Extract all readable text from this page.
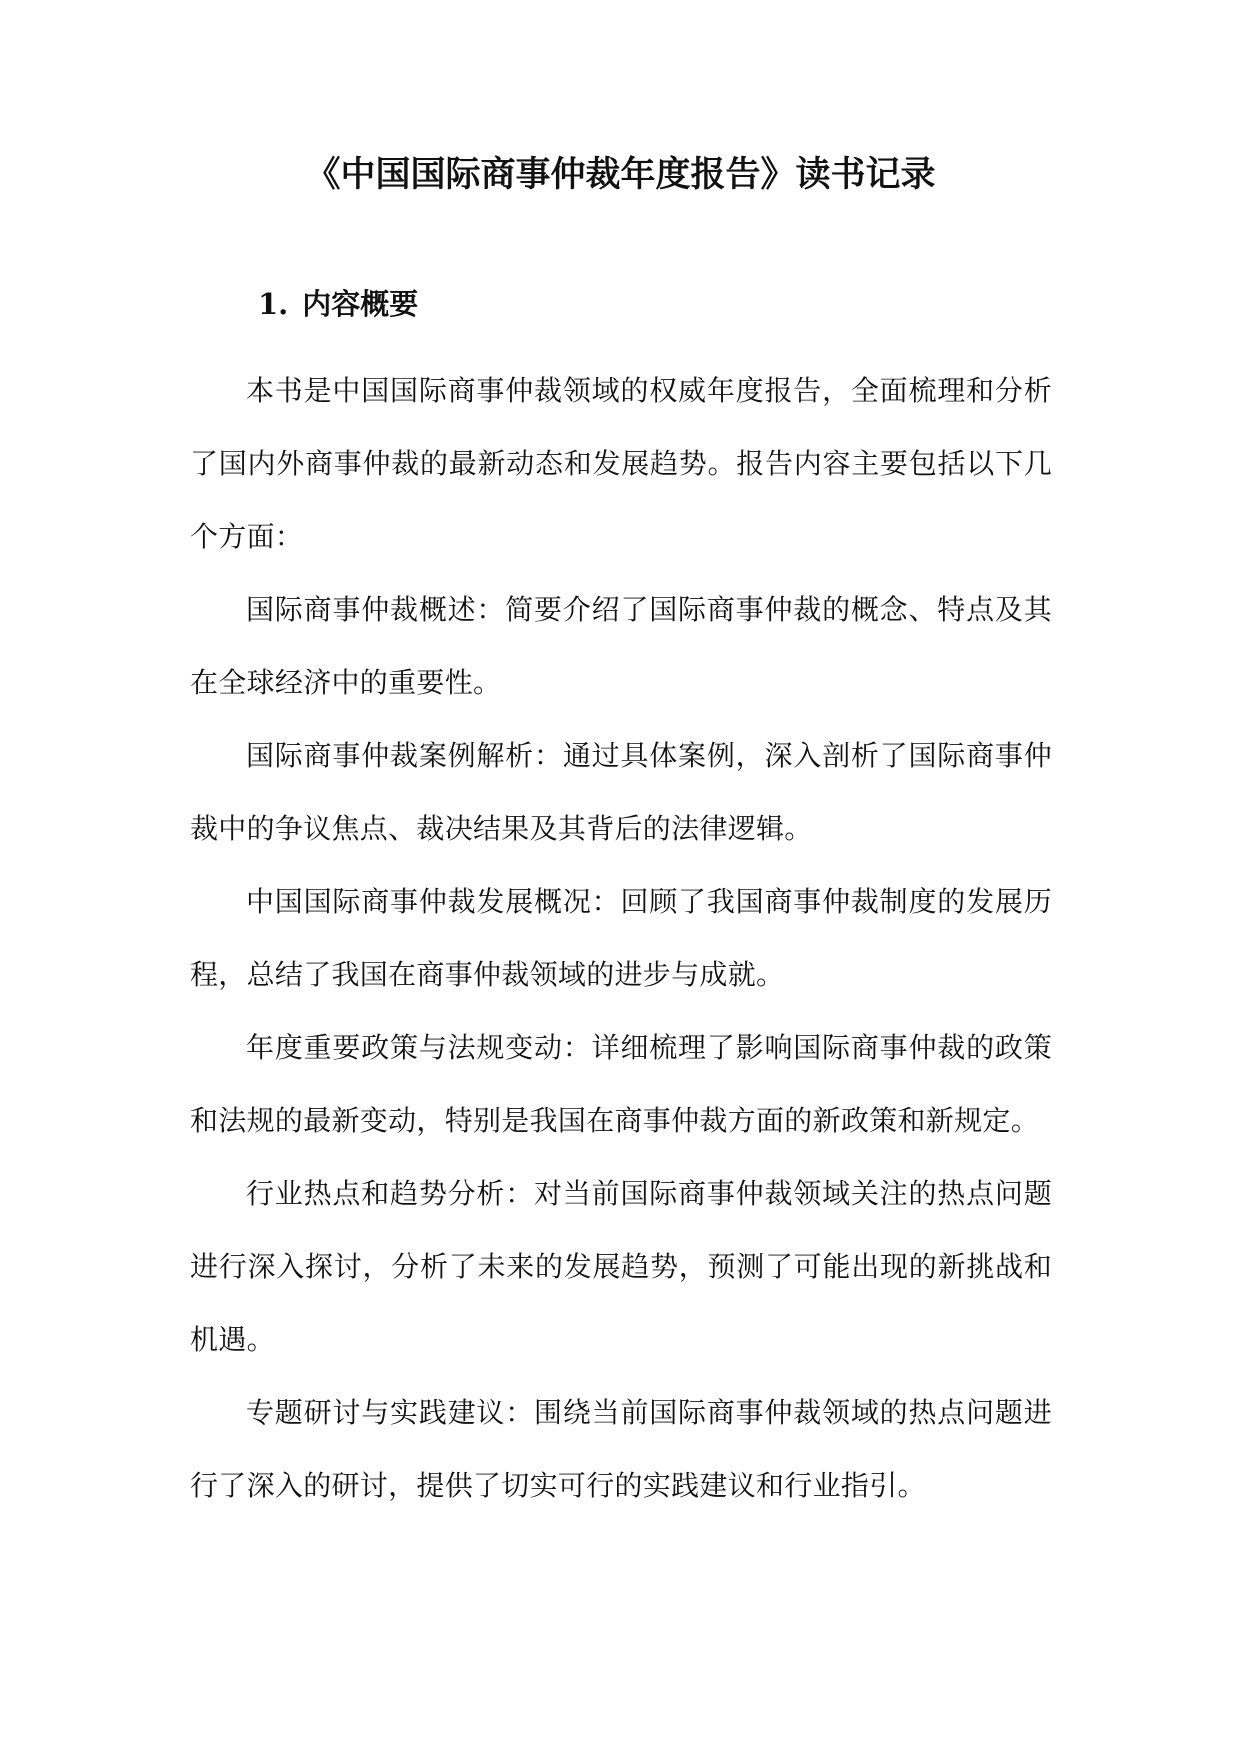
《中国国际商事仲裁年度报告》读书记录
1. 内容概要

本书是中国国际商事仲裁领域的权威年度报告，全面梳理和分析了国内外商事仲裁的最新动态和发展趋势。报告内容主要包括以下几个方面：

国际商事仲裁概述：简要介绍了国际商事仲裁的概念、特点及其在全球经济中的重要性。

国际商事仲裁案例解析：通过具体案例，深入剖析了国际商事仲裁中的争议焦点、裁决结果及其背后的法律逻辑。

中国国际商事仲裁发展概况：回顾了我国商事仲裁制度的发展历程，总结了我国在商事仲裁领域的进步与成就。

年度重要政策与法规变动：详细梳理了影响国际商事仲裁的政策和法规的最新变动，特别是我国在商事仲裁方面的新政策和新规定。

行业热点和趋势分析：对当前国际商事仲裁领域关注的热点问题进行深入探讨，分析了未来的发展趋势，预测了可能出现的新挑战和机遇。

专题研讨与实践建议：围绕当前国际商事仲裁领域的热点问题进行了深入的研讨，提供了切实可行的实践建议和行业指引。
